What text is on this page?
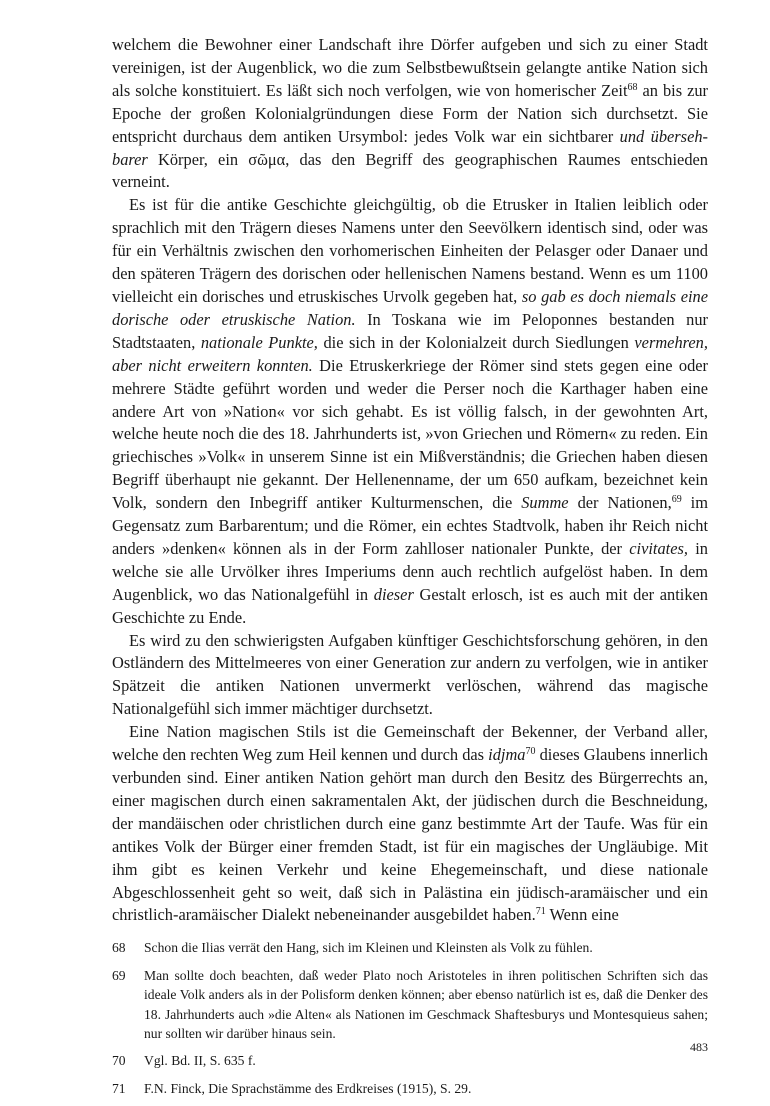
welchem die Bewohner einer Landschaft ihre Dörfer aufgeben und sich zu einer Stadt vereinigen, ist der Augenblick, wo die zum Selbstbewußtsein gelangte antike Nation sich als solche konstituiert. Es läßt sich noch verfolgen, wie von homerischer Zeit$^{68}$ an bis zur Epoche der großen Kolonialgründungen diese Form der Nation sich durchsetzt. Sie entspricht durchaus dem antiken Ursymbol: jedes Volk war ein sichtbarer und übersehbarer Körper, ein σῶμα, das den Begriff des geographischen Raumes entschieden verneint.

Es ist für die antike Geschichte gleichgültig, ob die Etrusker in Italien leiblich oder sprachlich mit den Trägern dieses Namens unter den Seevölkern identisch sind, oder was für ein Verhältnis zwischen den vorhomerischen Einheiten der Pelasger oder Danaer und den späteren Trägern des dorischen oder hellenischen Namens bestand. Wenn es um 1100 vielleicht ein dorisches und etruskisches Urvolk gegeben hat, so gab es doch niemals eine dorische oder etruskische Nation. In Toskana wie im Peloponnes bestanden nur Stadtstaaten, nationale Punkte, die sich in der Kolonialzeit durch Siedlungen vermehren, aber nicht erweitern konnten. Die Etruskerkriege der Römer sind stets gegen eine oder mehrere Städte geführt worden und weder die Perser noch die Karthager haben eine andere Art von »Nation« vor sich gehabt. Es ist völlig falsch, in der gewohnten Art, welche heute noch die des 18. Jahrhunderts ist, »von Griechen und Römern« zu reden. Ein griechisches »Volk« in unserem Sinne ist ein Mißverständnis; die Griechen haben diesen Begriff überhaupt nie gekannt. Der Hellenenname, der um 650 aufkam, bezeichnet kein Volk, sondern den Inbegriff antiker Kulturmenschen, die Summe der Nationen,$^{69}$ im Gegensatz zum Barbarentum; und die Römer, ein echtes Stadtvolk, haben ihr Reich nicht anders »denken« können als in der Form zahlloser nationaler Punkte, der civitates, in welche sie alle Urvölker ihres Imperiums denn auch rechtlich aufgelöst haben. In dem Augenblick, wo das Nationalgefühl in dieser Gestalt erlosch, ist es auch mit der antiken Geschichte zu Ende.

Es wird zu den schwierigsten Aufgaben künftiger Geschichtsforschung gehören, in den Ostländern des Mittelmeeres von einer Generation zur andern zu verfolgen, wie in antiker Spätzeit die antiken Nationen unvermerkt verlöschen, während das magische Nationalgefühl sich immer mächtiger durchsetzt.

Eine Nation magischen Stils ist die Gemeinschaft der Bekenner, der Verband aller, welche den rechten Weg zum Heil kennen und durch das idjma$^{70}$ dieses Glaubens innerlich verbunden sind. Einer antiken Nation gehört man durch den Besitz des Bürgerrechts an, einer magischen durch einen sakramentalen Akt, der jüdischen durch die Beschneidung, der mandäischen oder christlichen durch eine ganz bestimmte Art der Taufe. Was für ein antikes Volk der Bürger einer fremden Stadt, ist für ein magisches der Ungläubige. Mit ihm gibt es keinen Verkehr und keine Ehegemeinschaft, und diese nationale Abgeschlossenheit geht so weit, daß sich in Palästina ein jüdisch-aramäischer und ein christlich-aramäischer Dialekt nebeneinander ausgebildet haben.$^{71}$ Wenn eine

68	Schon die Ilias verrät den Hang, sich im Kleinen und Kleinsten als Volk zu fühlen.
69	Man sollte doch beachten, daß weder Plato noch Aristoteles in ihren politischen Schriften sich das ideale Volk anders als in der Polisform denken können; aber ebenso natürlich ist es, daß die Denker des 18. Jahrhunderts auch »die Alten« als Nationen im Geschmack Shaftesburys und Montesquieus sahen; nur sollten wir darüber hinaus sein.
70	Vgl. Bd. II, S. 635 f.
71	F.N. Finck, Die Sprachstämme des Erdkreises (1915), S. 29.
483
